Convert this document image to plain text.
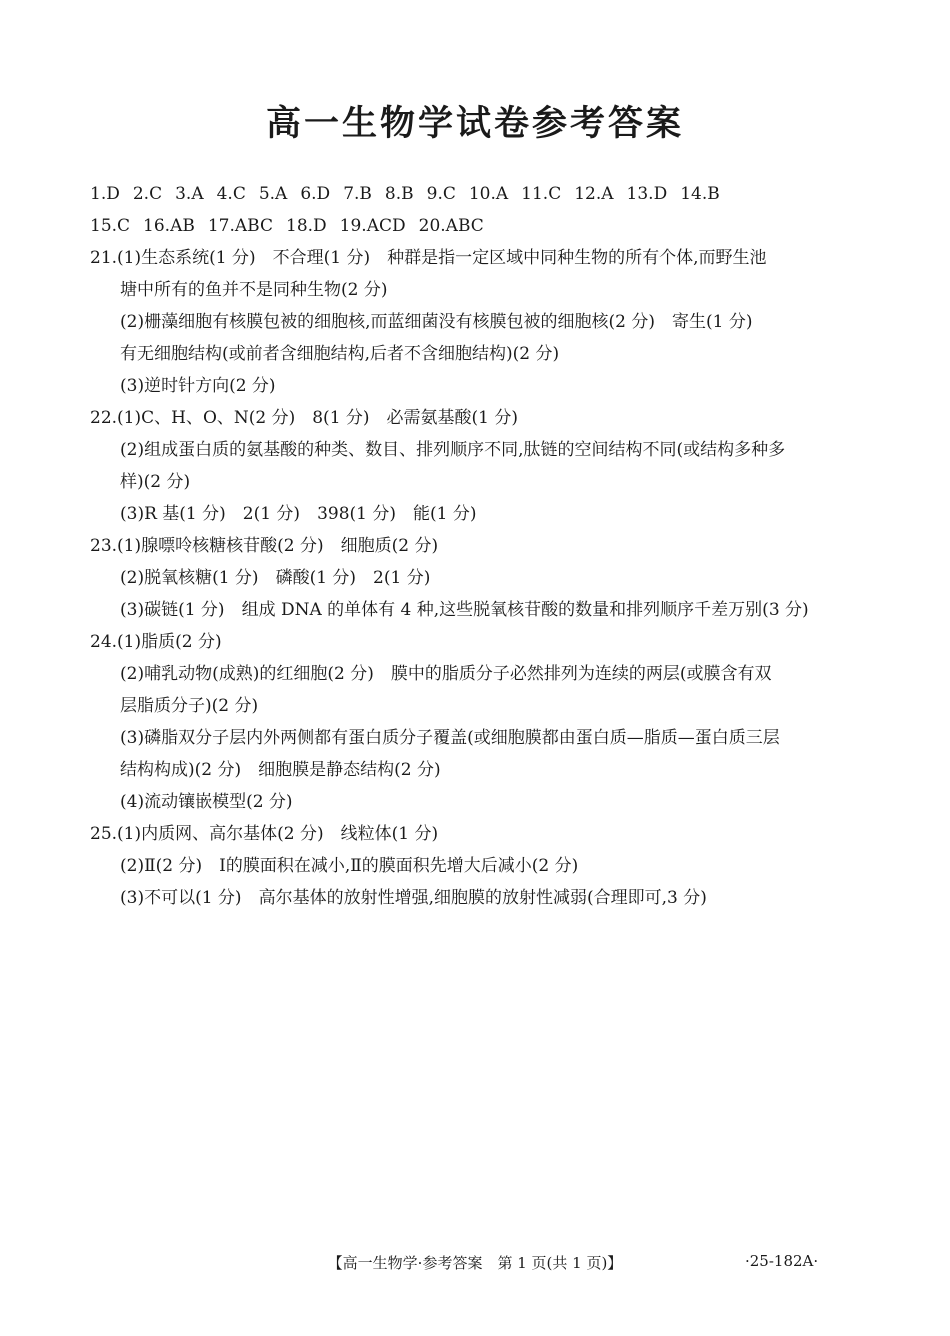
高一生物学试卷参考答案
1.D 2.C 3.A 4.C 5.A 6.D 7.B 8.B 9.C 10.A 11.C 12.A 13.D 14.B
15.C 16.AB 17.ABC 18.D 19.ACD 20.ABC
21.(1)生态系统(1 分)　不合理(1 分)　种群是指一定区域中同种生物的所有个体,而野生池
塘中所有的鱼并不是同种生物(2 分)
(2)栅藻细胞有核膜包被的细胞核,而蓝细菌没有核膜包被的细胞核(2 分)　寄生(1 分)
有无细胞结构(或前者含细胞结构,后者不含细胞结构)(2 分)
(3)逆时针方向(2 分)
22.(1)C、H、O、N(2 分)　8(1 分)　必需氨基酸(1 分)
(2)组成蛋白质的氨基酸的种类、数目、排列顺序不同,肽链的空间结构不同(或结构多种多
样)(2 分)
(3)R 基(1 分)　2(1 分)　398(1 分)　能(1 分)
23.(1)腺嘌呤核糖核苷酸(2 分)　细胞质(2 分)
(2)脱氧核糖(1 分)　磷酸(1 分)　2(1 分)
(3)碳链(1 分)　组成 DNA 的单体有 4 种,这些脱氧核苷酸的数量和排列顺序千差万别(3 分)
24.(1)脂质(2 分)
(2)哺乳动物(成熟)的红细胞(2 分)　膜中的脂质分子必然排列为连续的两层(或膜含有双
层脂质分子)(2 分)
(3)磷脂双分子层内外两侧都有蛋白质分子覆盖(或细胞膜都由蛋白质—脂质—蛋白质三层
结构构成)(2 分)　细胞膜是静态结构(2 分)
(4)流动镶嵌模型(2 分)
25.(1)内质网、高尔基体(2 分)　线粒体(1 分)
(2)Ⅱ(2 分)　Ⅰ的膜面积在减小,Ⅱ的膜面积先增大后减小(2 分)
(3)不可以(1 分)　高尔基体的放射性增强,细胞膜的放射性减弱(合理即可,3 分)
【高一生物学·参考答案　第 1 页(共 1 页)】	·25-182A·
